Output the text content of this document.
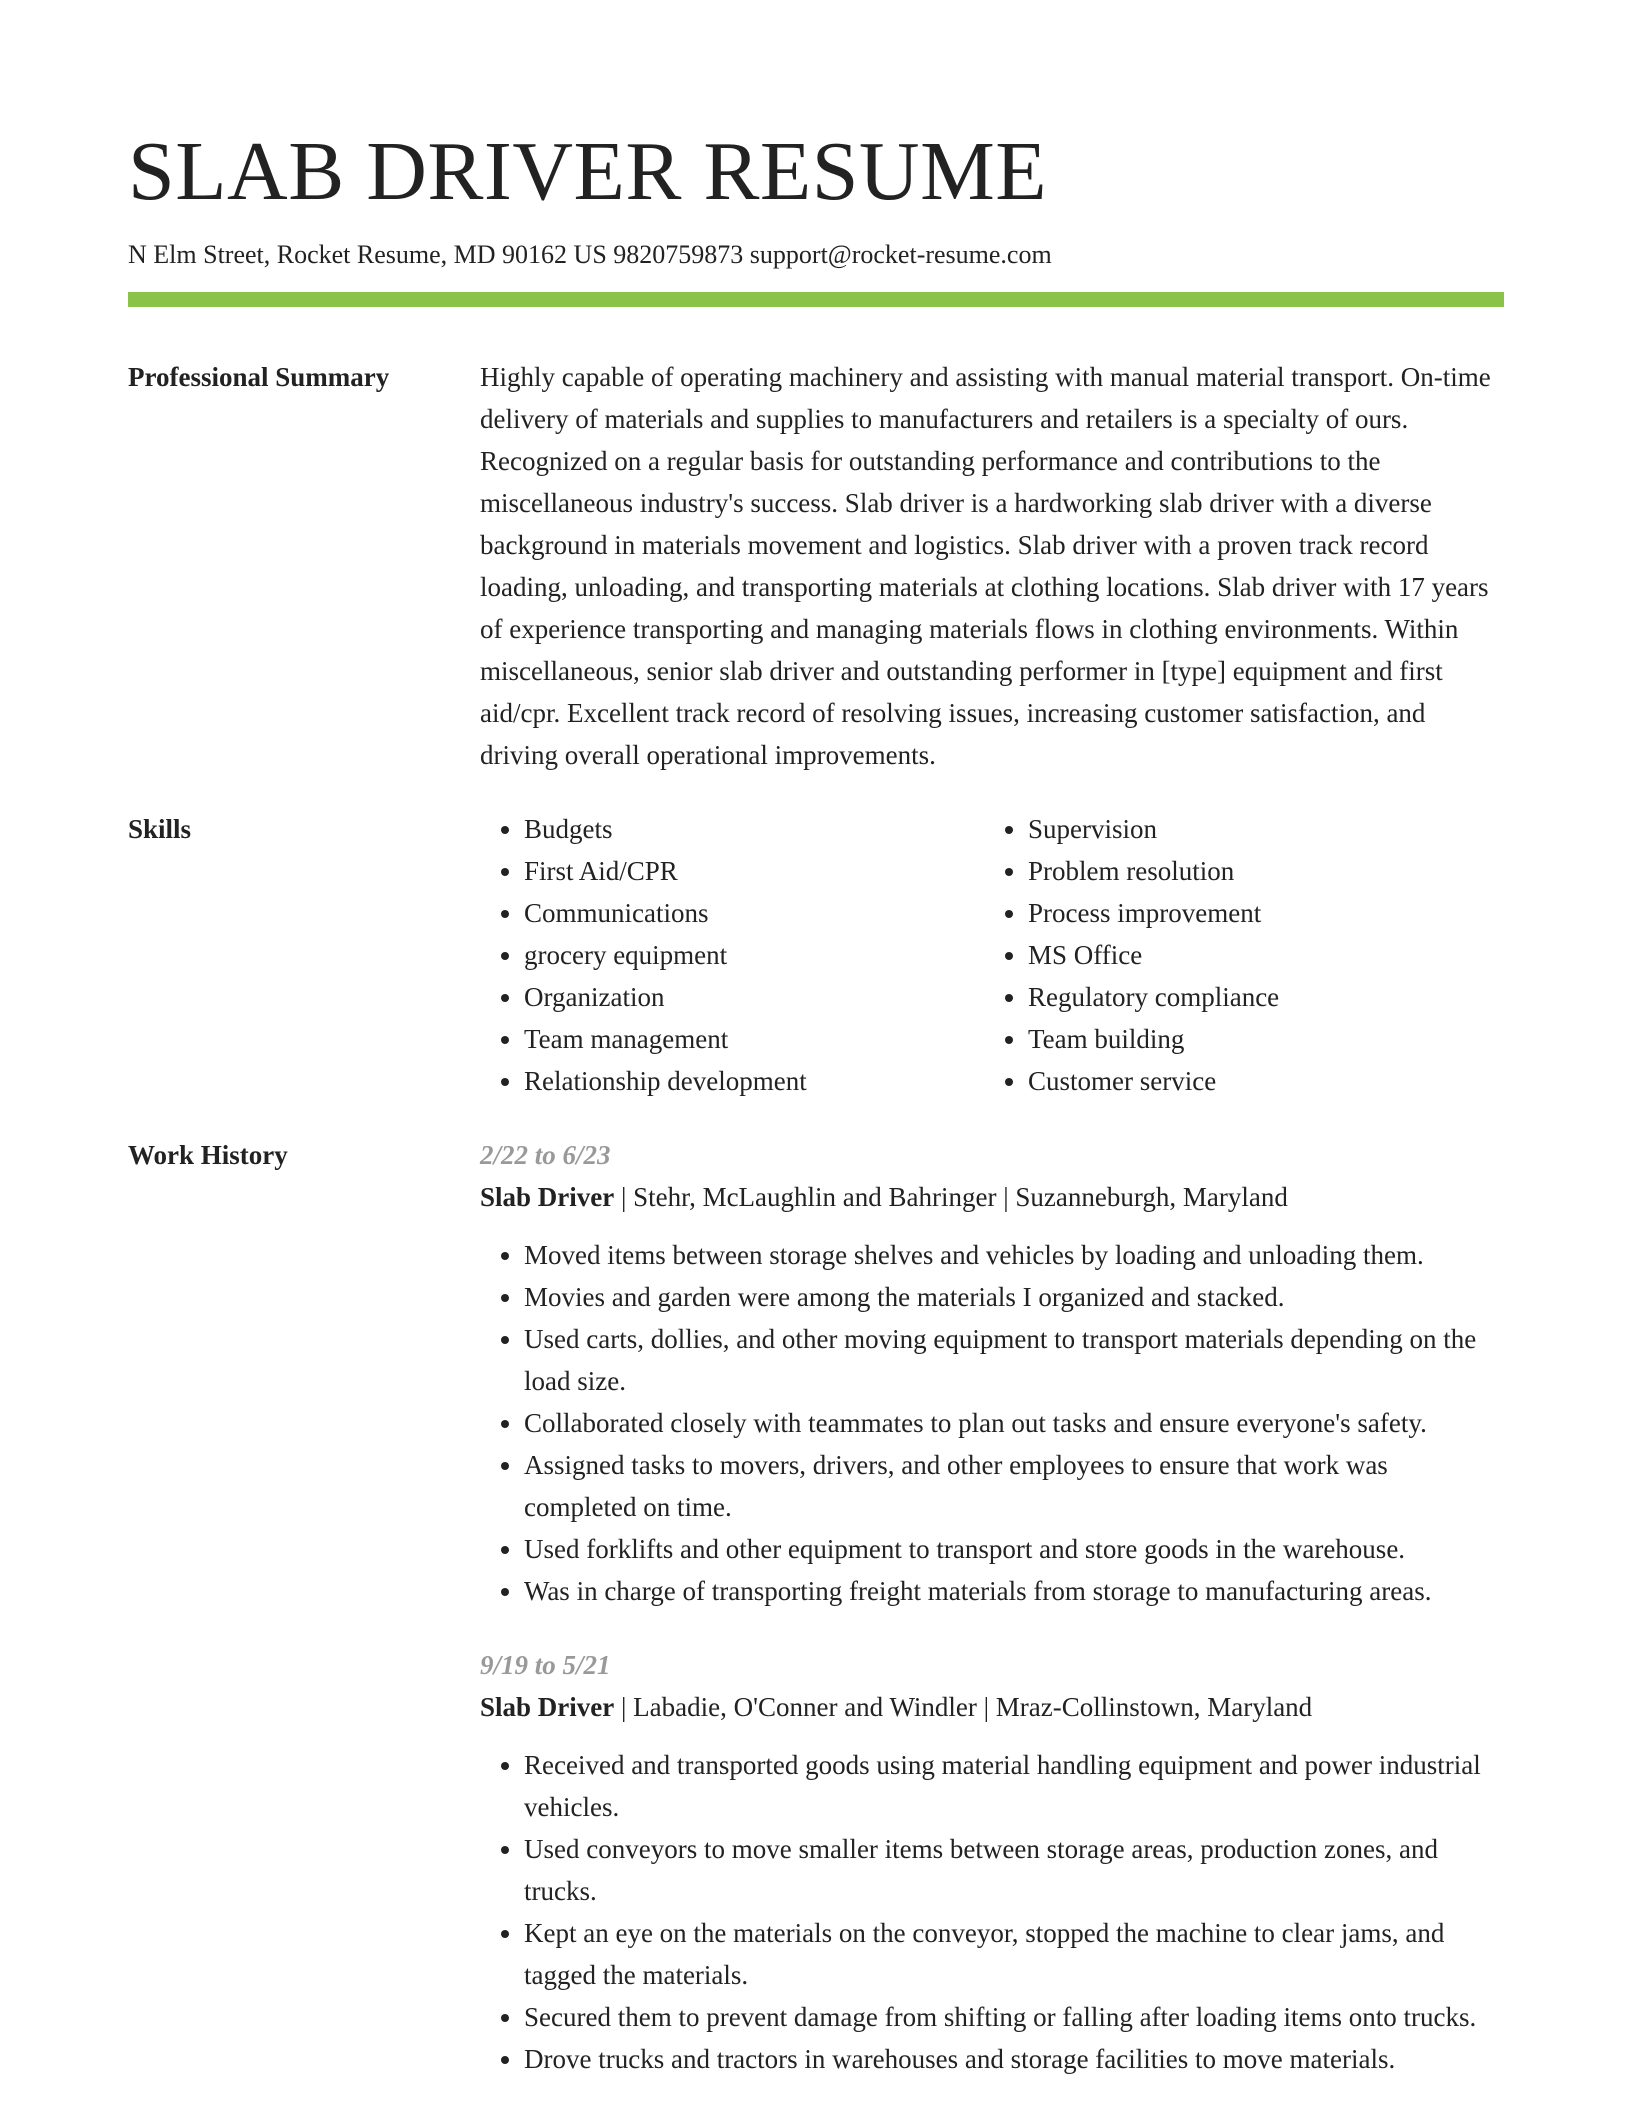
SLAB DRIVER RESUME
N Elm Street, Rocket Resume, MD 90162 US 9820759873 support@rocket-resume.com
Professional Summary	Highly capable of operating machinery and assisting with manual material transport. On-time delivery of materials and supplies to manufacturers and retailers is a specialty of ours. Recognized on a regular basis for outstanding performance and contributions to the miscellaneous industry's success. Slab driver is a hardworking slab driver with a diverse background in materials movement and logistics. Slab driver with a proven track record loading, unloading, and transporting materials at clothing locations. Slab driver with 17 years of experience transporting and managing materials flows in clothing environments. Within miscellaneous, senior slab driver and outstanding performer in [type] equipment and first aid/cpr. Excellent track record of resolving issues, increasing customer satisfaction, and driving overall operational improvements.
Skills
•	Budgets
• First Aid/CPR
• Communications
• grocery equipment
• Organization
• Team management
• Relationship development
• Supervision
• Problem resolution
• Process improvement
• MS Office
• Regulatory compliance
• Team building
• Customer service
Work History	2/22 to 6/23
Slab Driver | Stehr, McLaughlin and Bahringer | Suzanneburgh, Maryland
• Moved items between storage shelves and vehicles by loading and unloading them.
• Movies and garden were among the materials I organized and stacked.
• Used carts, dollies, and other moving equipment to transport materials depending on the load size.
• Collaborated closely with teammates to plan out tasks and ensure everyone's safety.
• Assigned tasks to movers, drivers, and other employees to ensure that work was completed on time.
• Used forklifts and other equipment to transport and store goods in the warehouse.
• Was in charge of transporting freight materials from storage to manufacturing areas.
9/19 to 5/21
Slab Driver | Labadie, O'Conner and Windler | Mraz-Collinstown, Maryland
• Received and transported goods using material handling equipment and power industrial vehicles.
• Used conveyors to move smaller items between storage areas, production zones, and trucks.
• Kept an eye on the materials on the conveyor, stopped the machine to clear jams, and tagged the materials.
• Secured them to prevent damage from shifting or falling after loading items onto trucks.
• Drove trucks and tractors in warehouses and storage facilities to move materials.
